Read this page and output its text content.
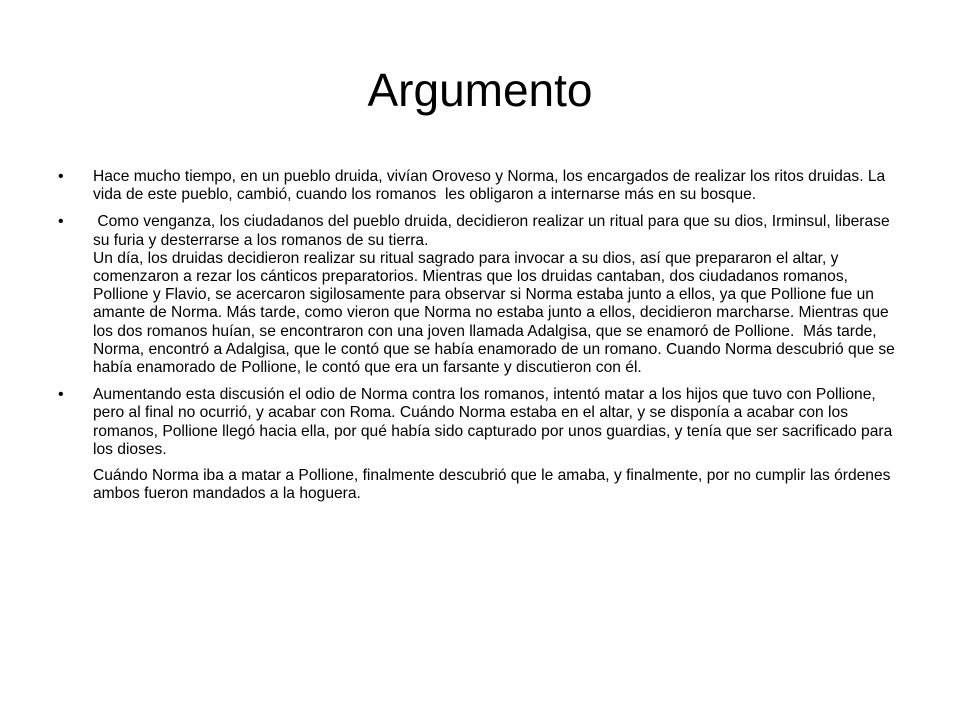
Argumento
• Hace mucho tiempo, en un pueblo druida, vivían Oroveso y Norma, los encargados de realizar los ritos druidas. La vida de este pueblo, cambió, cuando los romanos  les obligaron a internarse más en su bosque.

• Como venganza, los ciudadanos del pueblo druida, decidieron realizar un ritual para que su dios, Irminsul, liberase su furia y desterrarse a los romanos de su tierra.

Un día, los druidas decidieron realizar su ritual sagrado para invocar a su dios, así que prepararon el altar, y comenzaron a rezar los cánticos preparatorios. Mientras que los druidas cantaban, dos ciudadanos romanos, Pollione y Flavio, se acercaron sigilosamente para observar si Norma estaba junto a ellos, ya que Pollione fue un amante de Norma. Más tarde, como vieron que Norma no estaba junto a ellos, decidieron marcharse. Mientras que los dos romanos huían, se encontraron con una joven llamada Adalgisa, que se enamoró de Pollione.  Más tarde, Norma, encontró a Adalgisa, que le contó que se había enamorado de un romano. Cuando Norma descubrió que se había enamorado de Pollione, le contó que era un farsante y discutieron con él.

• Aumentando esta discusión el odio de Norma contra los romanos, intentó matar a los hijos que tuvo con Pollione, pero al final no ocurrió, y acabar con Roma. Cuándo Norma estaba en el altar, y se disponía a acabar con los romanos, Pollione llegó hacia ella, por qué había sido capturado por unos guardias, y tenía que ser sacrificado para los dioses.

Cuándo Norma iba a matar a Pollione, finalmente descubrió que le amaba, y finalmente, por no cumplir las órdenes ambos fueron mandados a la hoguera.
